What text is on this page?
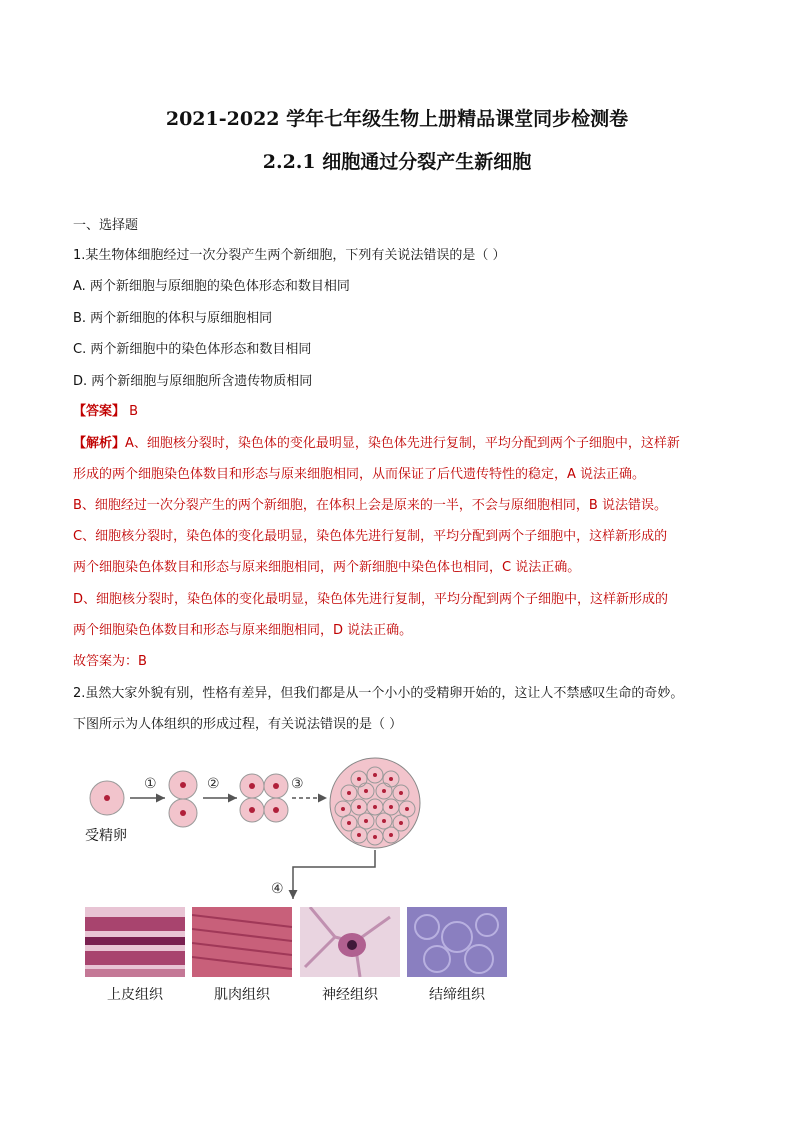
2021-2022 学年七年级生物上册精品课堂同步检测卷
2.2.1 细胞通过分裂产生新细胞
一、选择题
1.某生物体细胞经过一次分裂产生两个新细胞，下列有关说法错误的是（ ）
A. 两个新细胞与原细胞的染色体形态和数目相同
B. 两个新细胞的体积与原细胞相同
C. 两个新细胞中的染色体形态和数目相同
D. 两个新细胞与原细胞所含遗传物质相同
【答案】 B
【解析】A、细胞核分裂时，染色体的变化最明显，染色体先进行复制，平均分配到两个子细胞中，这样新
形成的两个细胞染色体数目和形态与原来细胞相同，从而保证了后代遗传特性的稳定，A 说法正确。
B、细胞经过一次分裂产生的两个新细胞，在体积上会是原来的一半，不会与原细胞相同，B 说法错误。
C、细胞核分裂时，染色体的变化最明显，染色体先进行复制，平均分配到两个子细胞中，这样新形成的
两个细胞染色体数目和形态与原来细胞相同，两个新细胞中染色体也相同，C 说法正确。
D、细胞核分裂时，染色体的变化最明显，染色体先进行复制，平均分配到两个子细胞中，这样新形成的
两个细胞染色体数目和形态与原来细胞相同，D 说法正确。
故答案为：B
2.虽然大家外貌有别，性格有差异，但我们都是从一个小小的受精卵开始的，这让人不禁感叹生命的奇妙。
下图所示为人体组织的形成过程，有关说法错误的是（ ）
①	②	③
④
受精卵
上皮组织	肌肉组织	神经组织	结缔组织
